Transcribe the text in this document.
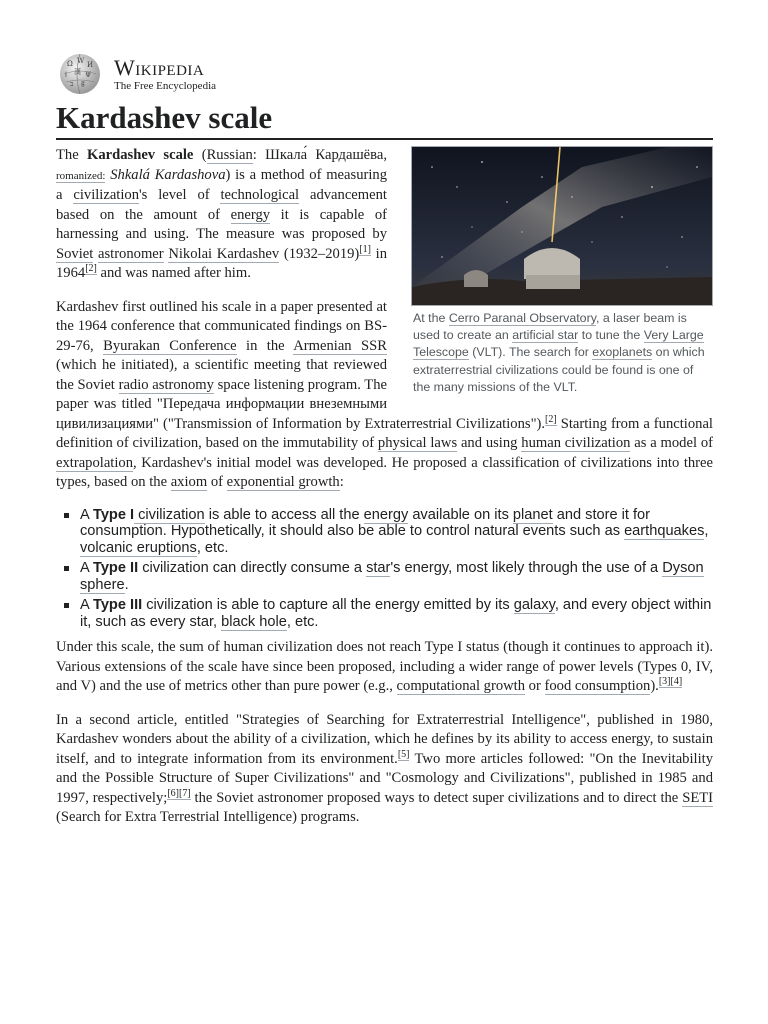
Ω W И
ا 漢 Ψ
ב ह
Wikipedia
The Free Encyclopedia
Kardashev scale
At the Cerro Paranal Observatory, a laser beam is used to create an artificial star to tune the Very Large Telescope (VLT). The search for exoplanets on which extraterrestrial civilizations could be found is one of the many missions of the VLT.

The Kardashev scale (Russian: Шкала́ Кардашёва, romanized: Shkalá Kardashova) is a method of measuring a civilization's level of technological advancement based on the amount of energy it is capable of harnessing and using. The measure was proposed by Soviet astronomer Nikolai Kardashev (1932–2019)[1] in 1964[2] and was named after him.

Kardashev first outlined his scale in a paper presented at the 1964 conference that communicated findings on BS-29-76, Byurakan Conference in the Armenian SSR (which he initiated), a scientific meeting that reviewed the Soviet radio astronomy space listening program. The paper was titled "Передача информации внеземными цивилизациями" ("Transmission of Information by Extraterrestrial Civilizations").[2] Starting from a functional definition of civilization, based on the immutability of physical laws and using human civilization as a model of extrapolation, Kardashev's initial model was developed. He proposed a classification of civilizations into three types, based on the axiom of exponential growth:

A Type I civilization is able to access all the energy available on its planet and store it for consumption. Hypothetically, it should also be able to control natural events such as earthquakes, volcanic eruptions, etc.
A Type II civilization can directly consume a star's energy, most likely through the use of a Dyson sphere.
A Type III civilization is able to capture all the energy emitted by its galaxy, and every object within it, such as every star, black hole, etc.

Under this scale, the sum of human civilization does not reach Type I status (though it continues to approach it). Various extensions of the scale have since been proposed, including a wider range of power levels (Types 0, IV, and V) and the use of metrics other than pure power (e.g., computational growth or food consumption).[3][4]

In a second article, entitled "Strategies of Searching for Extraterrestrial Intelligence", published in 1980, Kardashev wonders about the ability of a civilization, which he defines by its ability to access energy, to sustain itself, and to integrate information from its environment.[5] Two more articles followed: "On the Inevitability and the Possible Structure of Super Civilizations" and "Cosmology and Civilizations", published in 1985 and 1997, respectively;[6][7] the Soviet astronomer proposed ways to detect super civilizations and to direct the SETI (Search for Extra Terrestrial Intelligence) programs.
